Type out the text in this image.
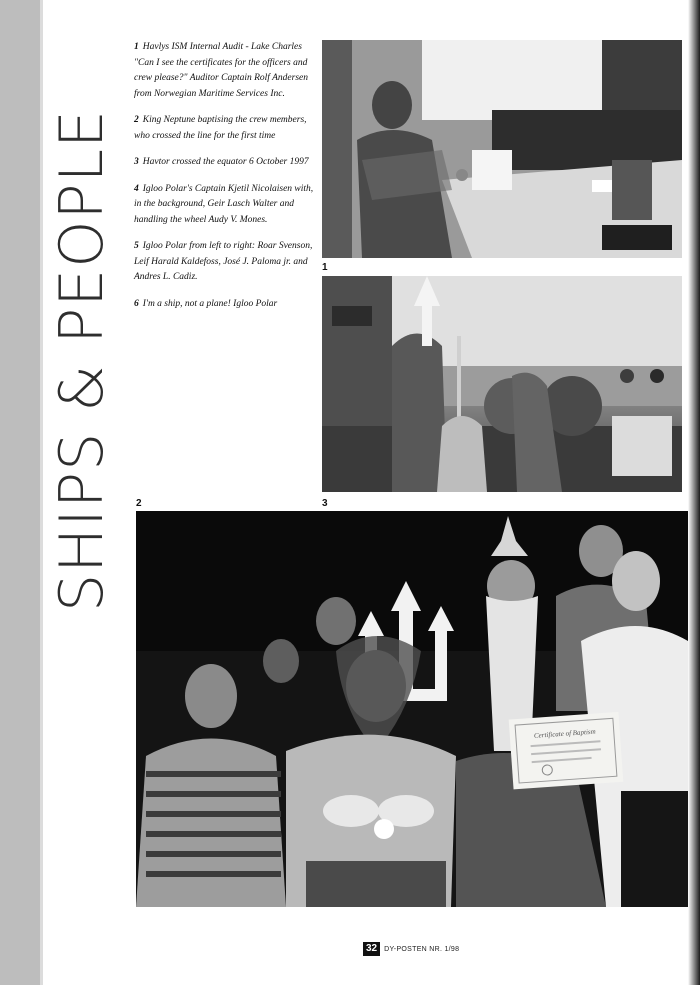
SHIPS & PEOPLE

1 Havlys ISM Internal Audit - Lake Charles "Can I see the certificates for the officers and crew please?" Auditor Captain Rolf Andersen from Norwegian Maritime Services Inc.

2 King Neptune baptising the crew members, who crossed the line for the first time

3 Havtor crossed the equator 6 October 1997

4 Igloo Polar's Captain Kjetil Nicolaisen with, in the background, Geir Lasch Walter and handling the wheel Audy V. Mones.

5 Igloo Polar from left to right: Roar Svenson, Leif Harald Kaldefoss, José J. Paloma jr. and Andres L. Cadiz.

6 I'm a ship, not a plane! Igloo Polar

1
2	3
Certificate of Baptism
32	DY-POSTEN NR. 1/98
